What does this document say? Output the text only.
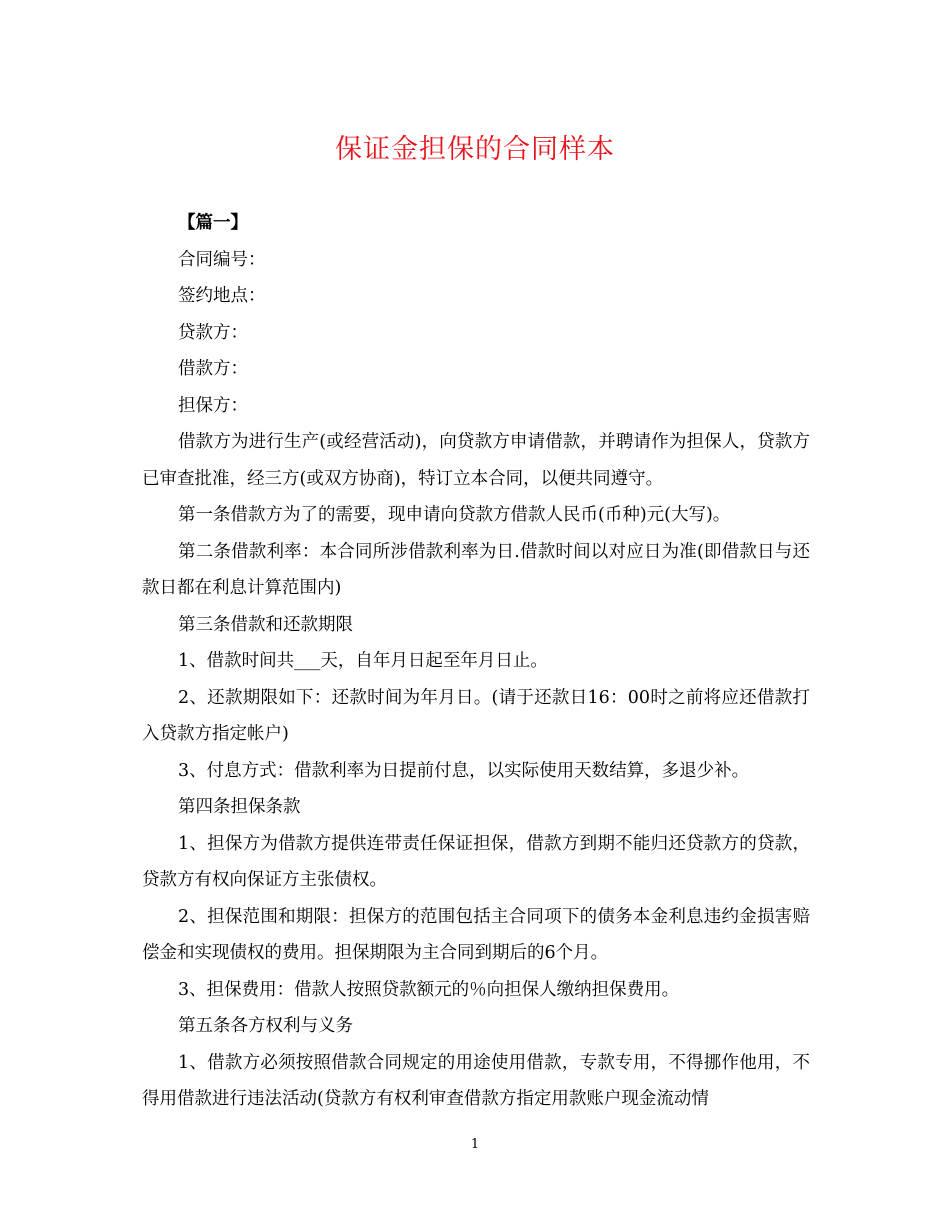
保证金担保的合同样本

【篇一】

合同编号：

签约地点：

贷款方：

借款方：

担保方：

借款方为进行生产(或经营活动)，向贷款方申请借款，并聘请作为担保人，贷款方已审查批准，经三方(或双方协商)，特订立本合同，以便共同遵守。

第一条借款方为了的需要，现申请向贷款方借款人民币(币种)元(大写)。

第二条借款利率：本合同所涉借款利率为日.借款时间以对应日为准(即借款日与还款日都在利息计算范围内)

第三条借款和还款期限

1、借款时间共___天，自年月日起至年月日止。

2、还款期限如下：还款时间为年月日。(请于还款日16：00时之前将应还借款打入贷款方指定帐户)

3、付息方式：借款利率为日提前付息，以实际使用天数结算，多退少补。

第四条担保条款

1、担保方为借款方提供连带责任保证担保，借款方到期不能归还贷款方的贷款，贷款方有权向保证方主张债权。

2、担保范围和期限：担保方的范围包括主合同项下的债务本金利息违约金损害赔偿金和实现债权的费用。担保期限为主合同到期后的6个月。

3、担保费用：借款人按照贷款额元的％向担保人缴纳担保费用。

第五条各方权利与义务

1、借款方必须按照借款合同规定的用途使用借款，专款专用，不得挪作他用，不得用借款进行违法活动(贷款方有权利审查借款方指定用款账户现金流动情

1
